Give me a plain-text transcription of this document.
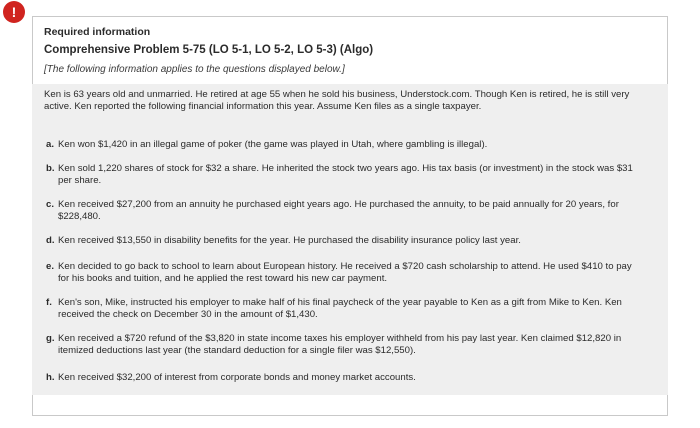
!
Required information
Comprehensive Problem 5-75 (LO 5-1, LO 5-2, LO 5-3) (Algo)
[The following information applies to the questions displayed below.]
Ken is 63 years old and unmarried. He retired at age 55 when he sold his business, Understock.com. Though Ken is retired, he is still very active. Ken reported the following financial information this year. Assume Ken files as a single taxpayer.
a. Ken won $1,420 in an illegal game of poker (the game was played in Utah, where gambling is illegal).
b. Ken sold 1,220 shares of stock for $32 a share. He inherited the stock two years ago. His tax basis (or investment) in the stock was $31 per share.
c. Ken received $27,200 from an annuity he purchased eight years ago. He purchased the annuity, to be paid annually for 20 years, for $228,480.
d. Ken received $13,550 in disability benefits for the year. He purchased the disability insurance policy last year.
e. Ken decided to go back to school to learn about European history. He received a $720 cash scholarship to attend. He used $410 to pay for his books and tuition, and he applied the rest toward his new car payment.
f. Ken's son, Mike, instructed his employer to make half of his final paycheck of the year payable to Ken as a gift from Mike to Ken. Ken received the check on December 30 in the amount of $1,430.
g. Ken received a $720 refund of the $3,820 in state income taxes his employer withheld from his pay last year. Ken claimed $12,820 in itemized deductions last year (the standard deduction for a single filer was $12,550).
h. Ken received $32,200 of interest from corporate bonds and money market accounts.
